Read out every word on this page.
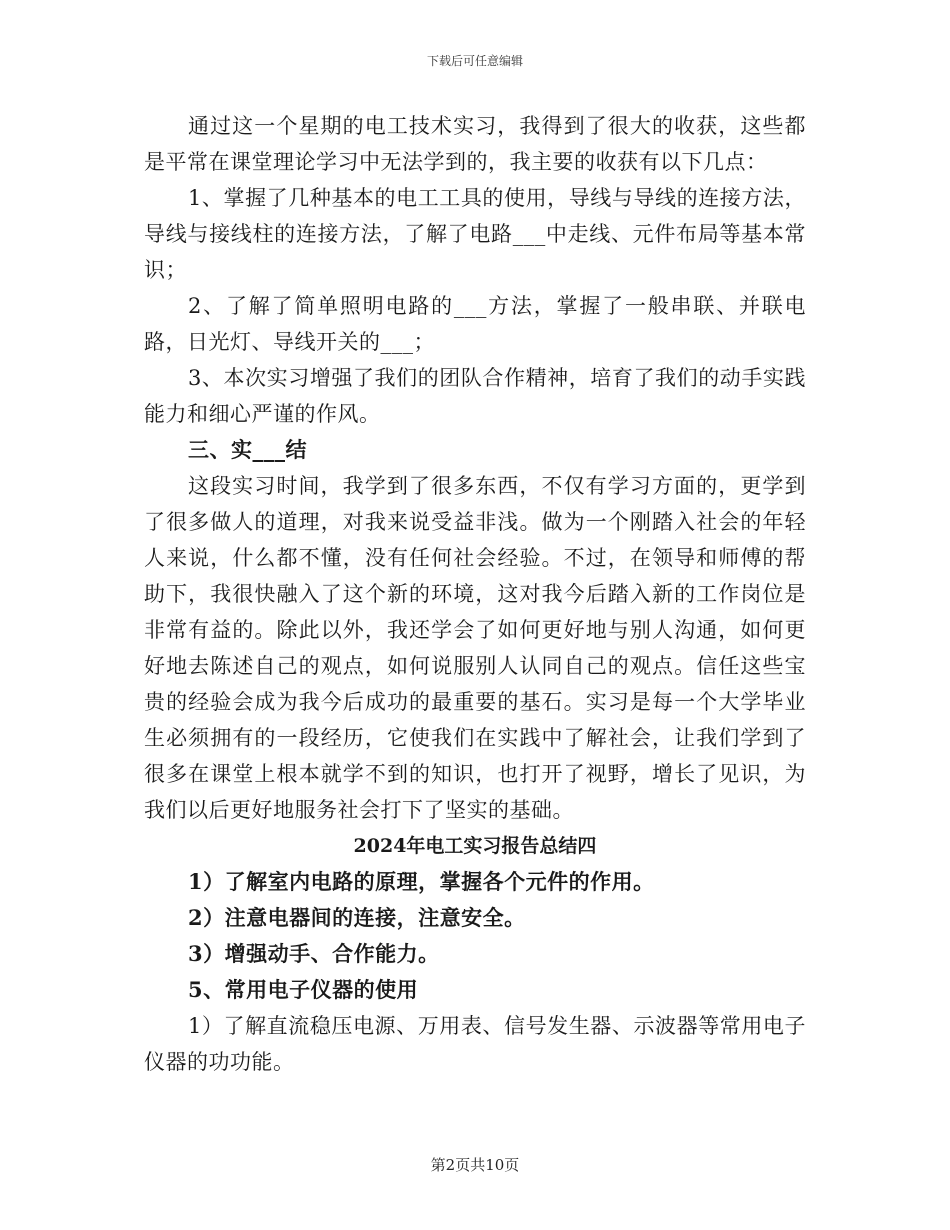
下载后可任意编辑

通过这一个星期的电工技术实习，我得到了很大的收获，这些都是平常在课堂理论学习中无法学到的，我主要的收获有以下几点：

1、掌握了几种基本的电工工具的使用，导线与导线的连接方法，导线与接线柱的连接方法，了解了电路___中走线、元件布局等基本常识；

2、了解了简单照明电路的___方法，掌握了一般串联、并联电路，日光灯、导线开关的___；

3、本次实习增强了我们的团队合作精神，培育了我们的动手实践能力和细心严谨的作风。

三、实___结

这段实习时间，我学到了很多东西，不仅有学习方面的，更学到了很多做人的道理，对我来说受益非浅。做为一个刚踏入社会的年轻人来说，什么都不懂，没有任何社会经验。不过，在领导和师傅的帮助下，我很快融入了这个新的环境，这对我今后踏入新的工作岗位是非常有益的。除此以外，我还学会了如何更好地与别人沟通，如何更好地去陈述自己的观点，如何说服别人认同自己的观点。信任这些宝贵的经验会成为我今后成功的最重要的基石。实习是每一个大学毕业生必须拥有的一段经历，它使我们在实践中了解社会，让我们学到了很多在课堂上根本就学不到的知识，也打开了视野，增长了见识，为我们以后更好地服务社会打下了坚实的基础。

2024年电工实习报告总结四

1）了解室内电路的原理，掌握各个元件的作用。

2）注意电器间的连接，注意安全。

3）增强动手、合作能力。

5、常用电子仪器的使用

1）了解直流稳压电源、万用表、信号发生器、示波器等常用电子仪器的功功能。

第2页共10页
